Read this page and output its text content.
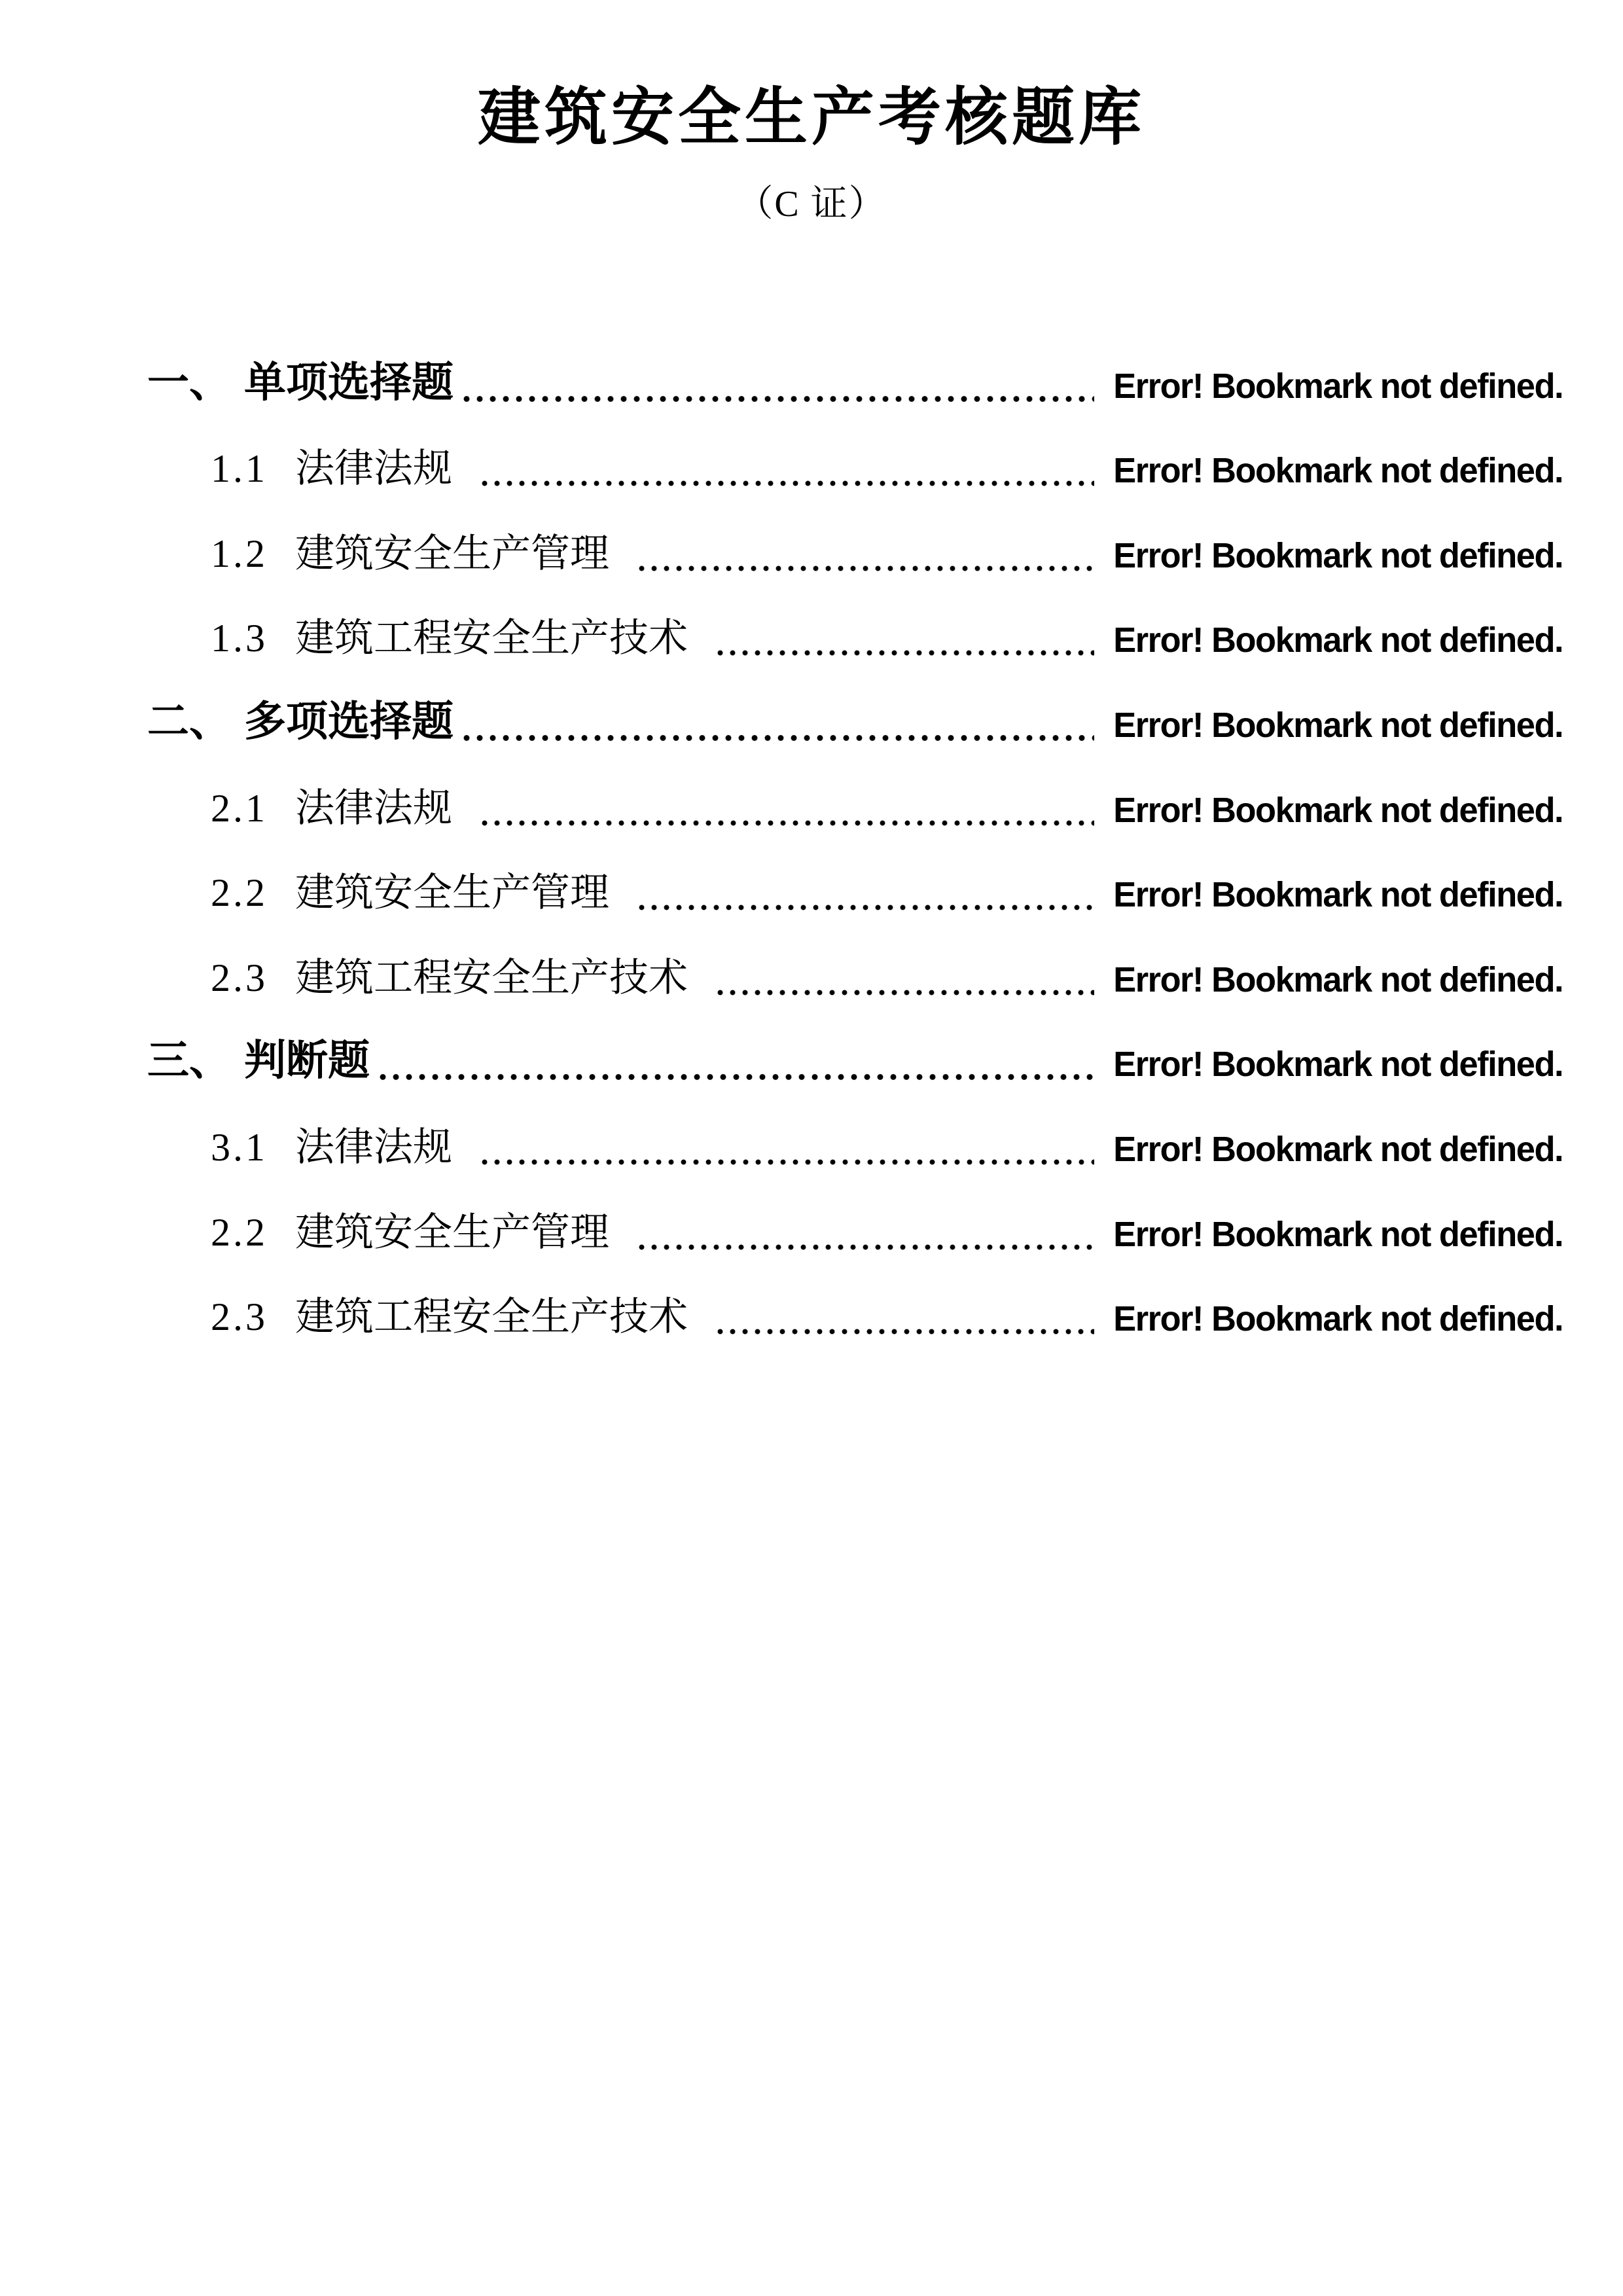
建筑安全生产考核题库
（C 证）
一、 单项选择题	Error! Bookmark not defined.
1.1 法律法规	Error! Bookmark not defined.
1.2 建筑安全生产管理	Error! Bookmark not defined.
1.3 建筑工程安全生产技术	Error! Bookmark not defined.
二、 多项选择题	Error! Bookmark not defined.
2.1 法律法规	Error! Bookmark not defined.
2.2 建筑安全生产管理	Error! Bookmark not defined.
2.3 建筑工程安全生产技术	Error! Bookmark not defined.
三、 判断题	Error! Bookmark not defined.
3.1 法律法规	Error! Bookmark not defined.
2.2 建筑安全生产管理	Error! Bookmark not defined.
2.3 建筑工程安全生产技术	Error! Bookmark not defined.
